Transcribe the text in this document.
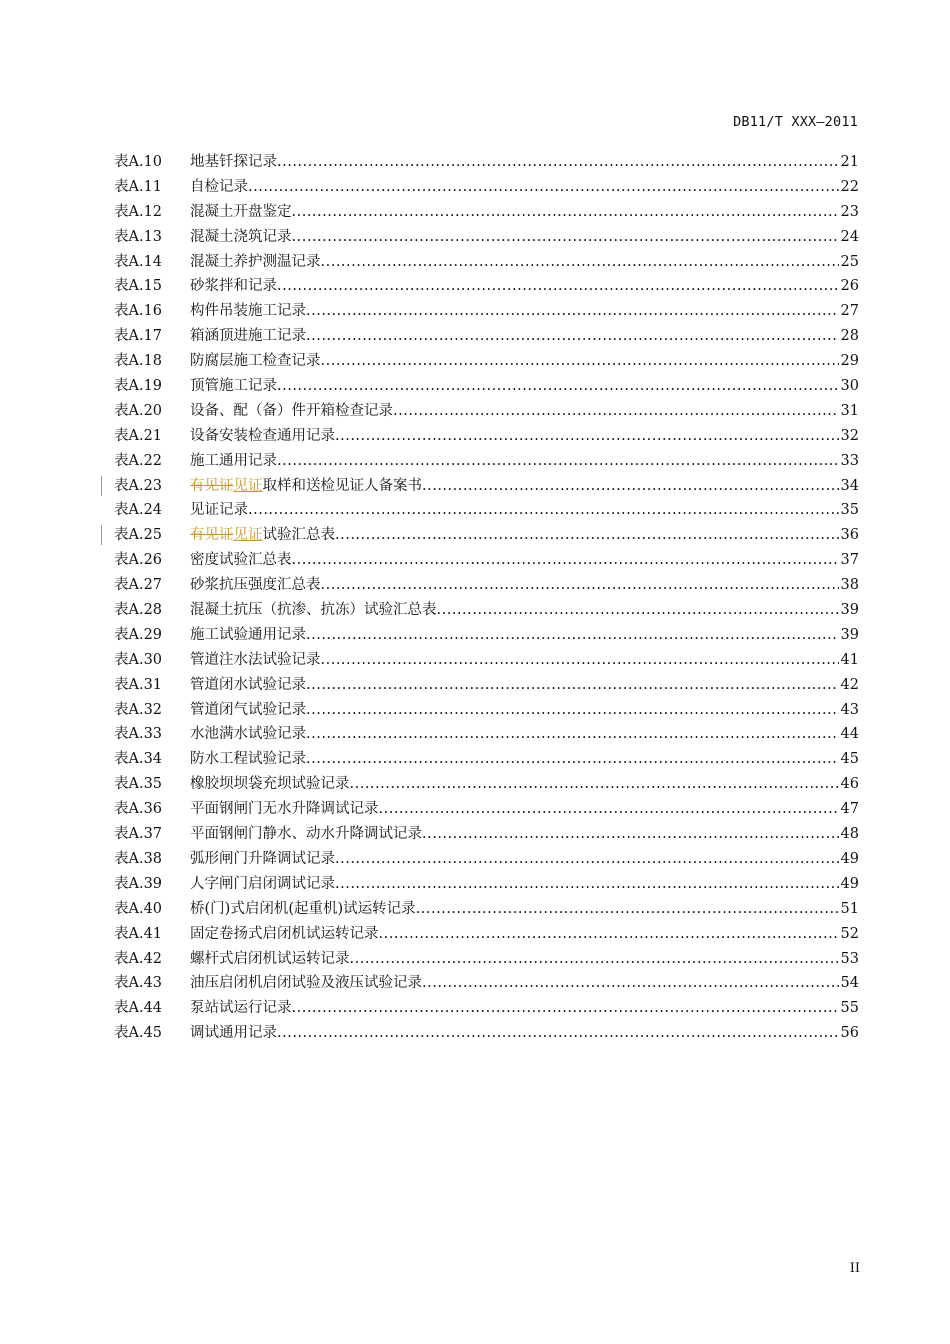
DB11/T XXX—2011
表A.10	地基钎探记录 .....	21
表A.11	自检记录 .....	22
表A.12	混凝土开盘鉴定 .....	23
表A.13	混凝土浇筑记录 .....	24
表A.14	混凝土养护测温记录 .....	25
表A.15	砂浆拌和记录 .....	26
表A.16	构件吊装施工记录 .....	27
表A.17	箱涵顶进施工记录 .....	28
表A.18	防腐层施工检查记录 .....	29
表A.19	顶管施工记录 .....	30
表A.20	设备、配（备）件开箱检查记录 .....	31
表A.21	设备安装检查通用记录 .....	32
表A.22	施工通用记录 .....	33
表A.23	有见证见证取样和送检见证人备案书 .....	34
表A.24	见证记录 .....	35
表A.25	有见证见证试验汇总表 .....	36
表A.26	密度试验汇总表 .....	37
表A.27	砂浆抗压强度汇总表 .....	38
表A.28	混凝土抗压（抗渗、抗冻）试验汇总表 .....	39
表A.29	施工试验通用记录 .....	39
表A.30	管道注水法试验记录 .....	41
表A.31	管道闭水试验记录 .....	42
表A.32	管道闭气试验记录 .....	43
表A.33	水池满水试验记录 .....	44
表A.34	防水工程试验记录 .....	45
表A.35	橡胶坝坝袋充坝试验记录 .....	46
表A.36	平面钢闸门无水升降调试记录 .....	47
表A.37	平面钢闸门静水、动水升降调试记录 .....	48
表A.38	弧形闸门升降调试记录 .....	49
表A.39	人字闸门启闭调试记录 .....	49
表A.40	桥(门)式启闭机(起重机)试运转记录 .....	51
表A.41	固定卷扬式启闭机试运转记录 .....	52
表A.42	螺杆式启闭机试运转记录 .....	53
表A.43	油压启闭机启闭试验及液压试验记录 .....	54
表A.44	泵站试运行记录 .....	55
表A.45	调试通用记录 .....	56
II
